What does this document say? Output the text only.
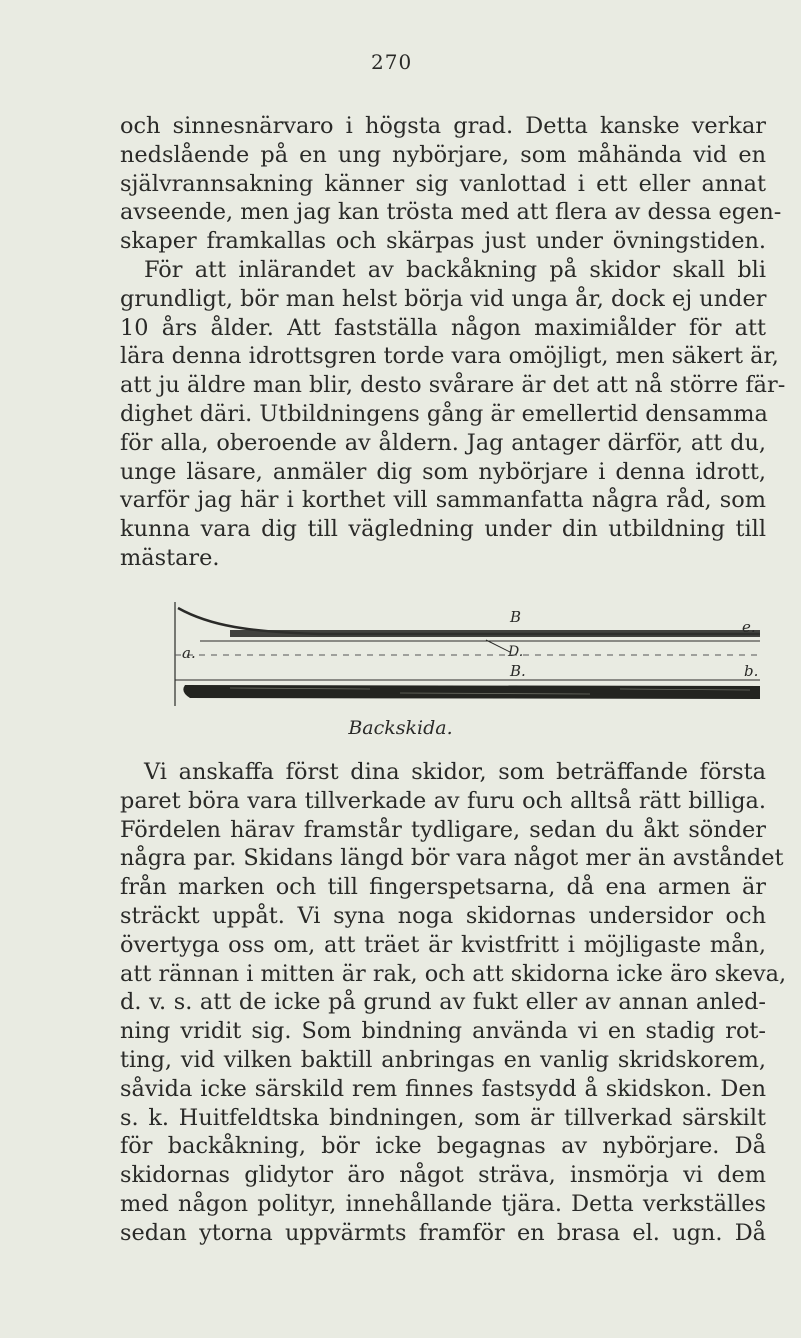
270
och sinnesnärvaro i högsta grad. Detta kanske verkar
nedslående på en ung nybörjare, som måhända vid en
självrannsakning känner sig vanlottad i ett eller annat
avseende, men jag kan trösta med att flera av dessa egen-
skaper framkallas och skärpas just under övningstiden.
För att inlärandet av backåkning på skidor skall bli
grundligt, bör man helst börja vid unga år, dock ej under
10 års ålder. Att fastställa någon maximiålder för att
lära denna idrottsgren torde vara omöjligt, men säkert är,
att ju äldre man blir, desto svårare är det att nå större fär-
dighet däri. Utbildningens gång är emellertid densamma
för alla, oberoende av åldern. Jag antager därför, att du,
unge läsare, anmäler dig som nybörjare i denna idrott,
varför jag här i korthet vill sammanfatta några råd, som
kunna vara dig till vägledning under din utbildning till
mästare.
B
e.
a.	D.
B.	b.
Backskida.
Vi anskaffa först dina skidor, som beträffande första
paret böra vara tillverkade av furu och alltså rätt billiga.
Fördelen härav framstår tydligare, sedan du åkt sönder
några par. Skidans längd bör vara något mer än avståndet
från marken och till fingerspetsarna, då ena armen är
sträckt uppåt. Vi syna noga skidornas undersidor och
övertyga oss om, att träet är kvistfritt i möjligaste mån,
att rännan i mitten är rak, och att skidorna icke äro skeva,
d. v. s. att de icke på grund av fukt eller av annan anled-
ning vridit sig. Som bindning använda vi en stadig rot-
ting, vid vilken baktill anbringas en vanlig skridskorem,
såvida icke särskild rem finnes fastsydd å skidskon. Den
s. k. Huitfeldtska bindningen, som är tillverkad särskilt
för backåkning, bör icke begagnas av nybörjare. Då
skidornas glidytor äro något sträva, insmörja vi dem
med någon polityr, innehållande tjära. Detta verkställes
sedan ytorna uppvärmts framför en brasa el. ugn. Då
